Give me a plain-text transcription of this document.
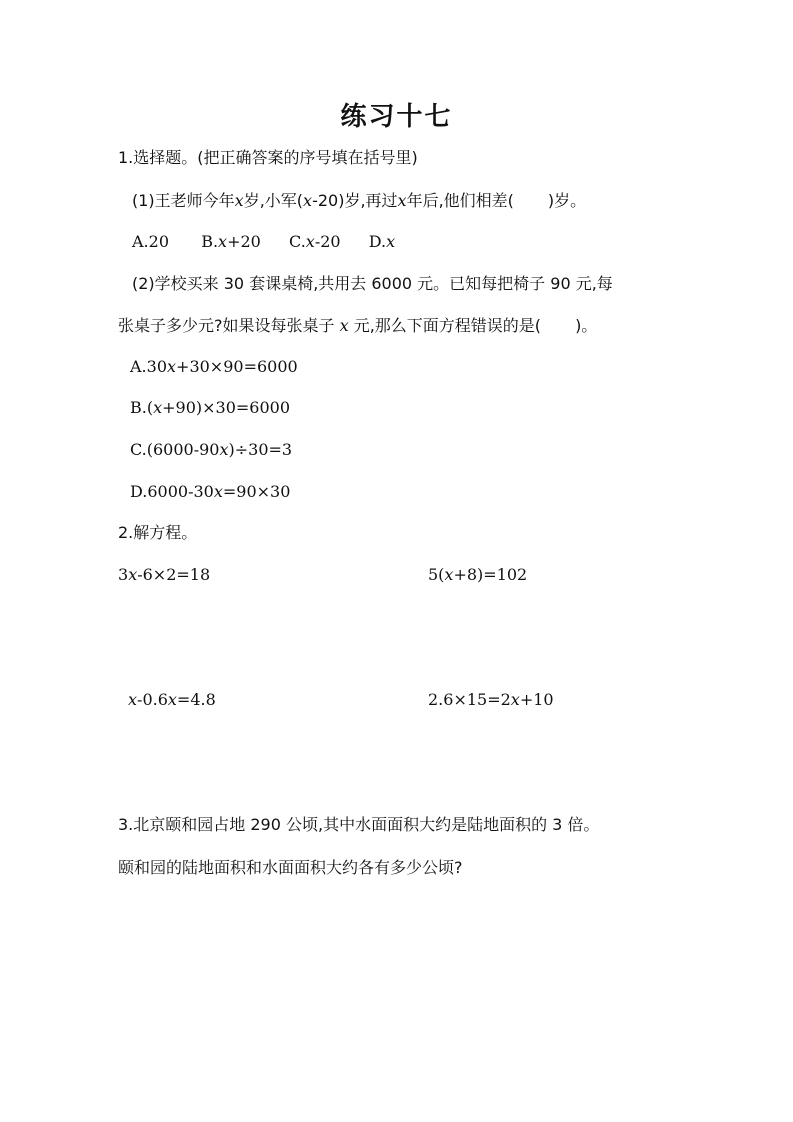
练习十七
1.选择题。(把正确答案的序号填在括号里)
(1)王老师今年x岁,小军(x-20)岁,再过x年后,他们相差( )岁。
A.20 B.x+20 C.x-20 D.x
(2)学校买来 30 套课桌椅,共用去 6000 元。已知每把椅子 90 元,每
张桌子多少元?如果设每张桌子 x 元,那么下面方程错误的是( )。
A.30x+30×90=6000
B.(x+90)×30=6000
C.(6000-90x)÷30=3
D.6000-30x=90×30
2.解方程。
3x-6×2=18	5(x+8)=102
x-0.6x=4.8	2.6×15=2x+10
3.北京颐和园占地 290 公顷,其中水面面积大约是陆地面积的 3 倍。
颐和园的陆地面积和水面面积大约各有多少公顷?
